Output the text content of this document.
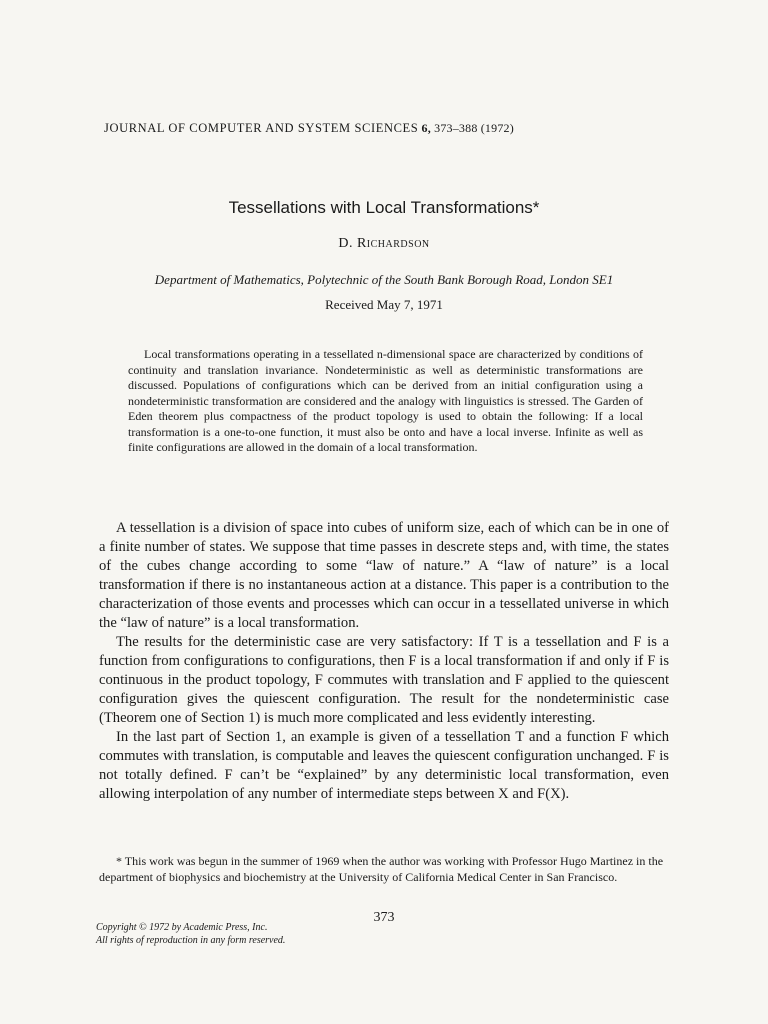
JOURNAL OF COMPUTER AND SYSTEM SCIENCES 6, 373–388 (1972)
Tessellations with Local Transformations*
D. Richardson
Department of Mathematics, Polytechnic of the South Bank Borough Road, London SE1
Received May 7, 1971

Local transformations operating in a tessellated n-dimensional space are characterized by conditions of continuity and translation invariance. Nondeterministic as well as deterministic transformations are discussed. Populations of configurations which can be derived from an initial configuration using a nondeterministic transformation are considered and the analogy with linguistics is stressed. The Garden of Eden theorem plus compactness of the product topology is used to obtain the following: If a local transformation is a one-to-one function, it must also be onto and have a local inverse. Infinite as well as finite configurations are allowed in the domain of a local transformation.

A tessellation is a division of space into cubes of uniform size, each of which can be in one of a finite number of states. We suppose that time passes in descrete steps and, with time, the states of the cubes change according to some “law of nature.” A “law of nature” is a local transformation if there is no instantaneous action at a distance. This paper is a contribution to the characterization of those events and processes which can occur in a tessellated universe in which the “law of nature” is a local transformation.

The results for the deterministic case are very satisfactory: If T is a tessellation and F is a function from configurations to configurations, then F is a local transformation if and only if F is continuous in the product topology, F commutes with translation and F applied to the quiescent configuration gives the quiescent configuration. The result for the nondeterministic case (Theorem one of Section 1) is much more complicated and less evidently interesting.

In the last part of Section 1, an example is given of a tessellation T and a function F which commutes with translation, is computable and leaves the quiescent configuration unchanged. F is not totally defined. F can’t be “explained” by any deterministic local transformation, even allowing interpolation of any number of intermediate steps between X and F(X).

* This work was begun in the summer of 1969 when the author was working with Professor Hugo Martinez in the department of biophysics and biochemistry at the University of California Medical Center in San Francisco.

373
Copyright © 1972 by Academic Press, Inc.
All rights of reproduction in any form reserved.
